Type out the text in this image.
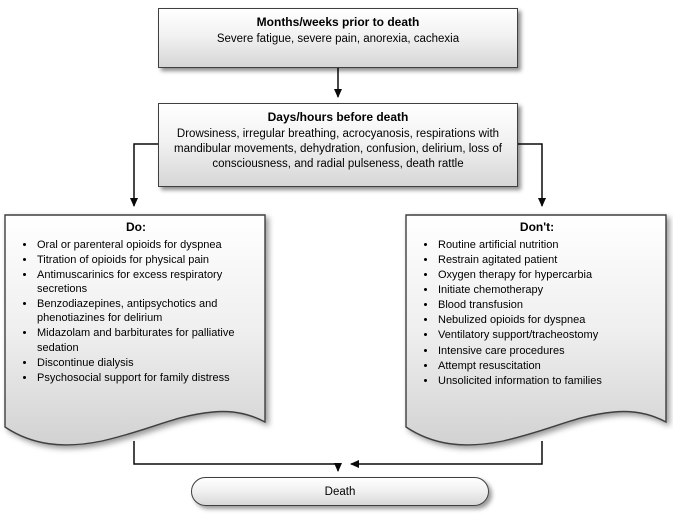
Months/weeks prior to death
Severe fatigue, severe pain, anorexia, cachexia
Days/hours before death
Drowsiness, irregular breathing, acrocyanosis, respirations with mandibular movements, dehydration, confusion, delirium, loss of consciousness, and radial pulseness, death rattle
Do:
• Oral or parenteral opioids for dyspnea
• Titration of opioids for physical pain
• Antimuscarinics for excess respiratory secretions
• Benzodiazepines, antipsychotics and phenotiazines for delirium
• Midazolam and barbiturates for palliative sedation
• Discontinue dialysis
• Psychosocial support for family distress
Don't:
• Routine artificial nutrition
• Restrain agitated patient
• Oxygen therapy for hypercarbia
• Initiate chemotherapy
• Blood transfusion
• Nebulized opioids for dyspnea
• Ventilatory support/tracheostomy
• Intensive care procedures
• Attempt resuscitation
• Unsolicited information to families
Death
